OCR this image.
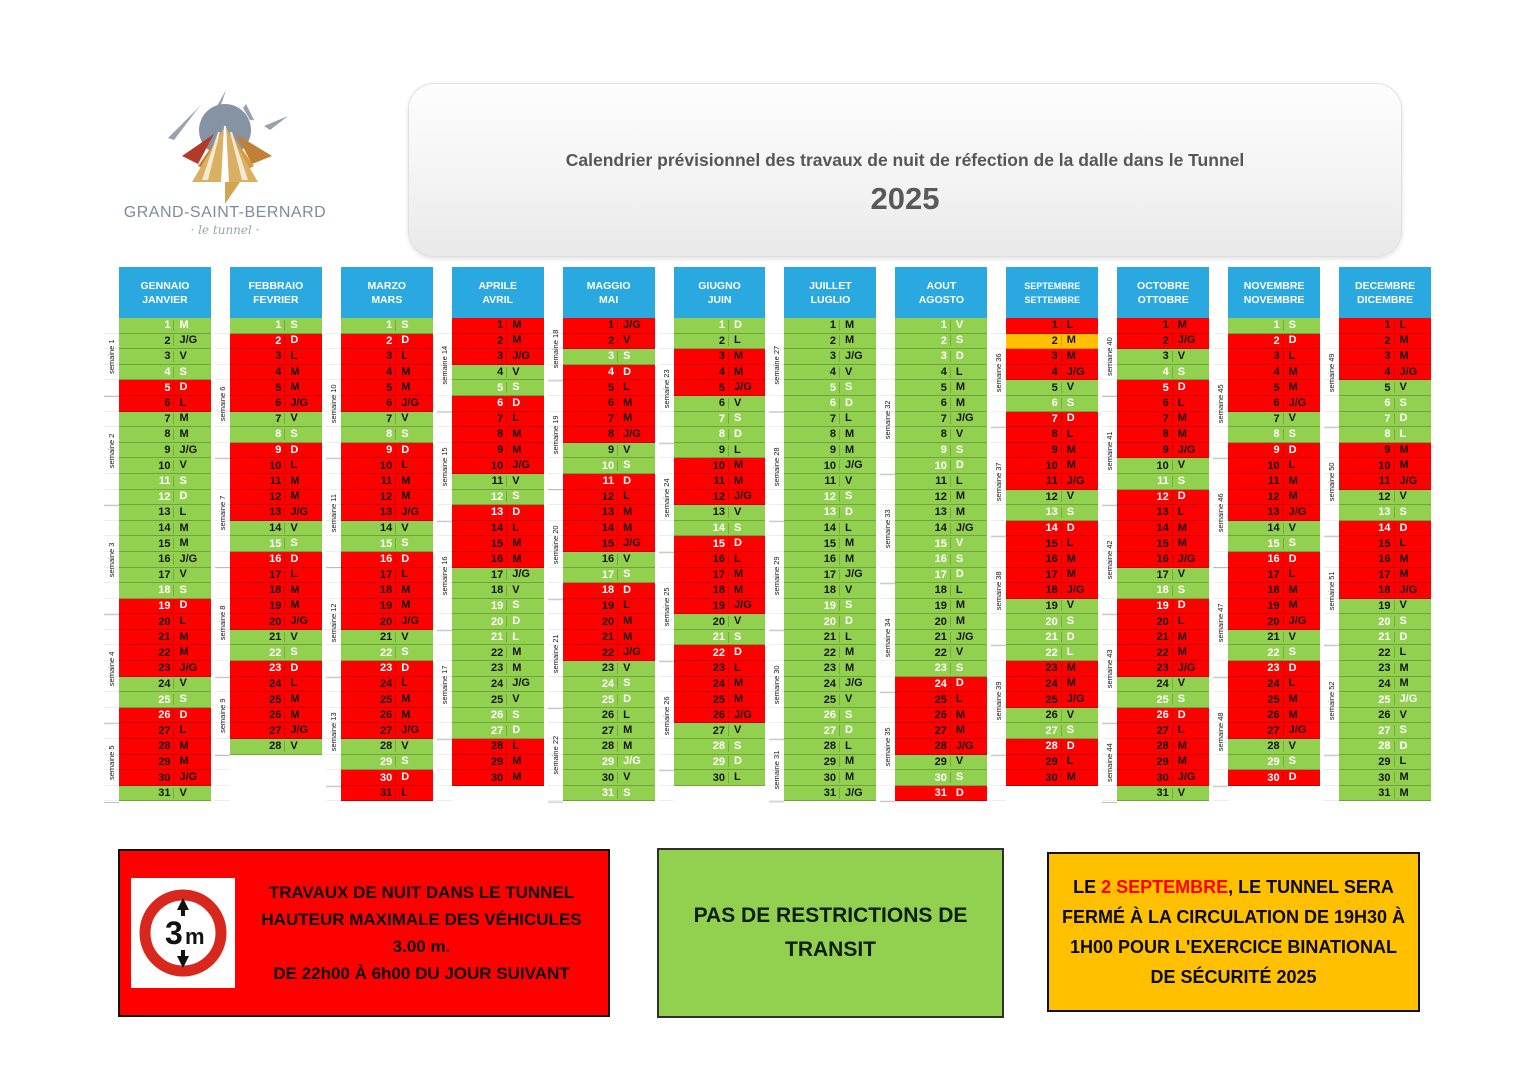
GRAND-SAINT-BERNARD
· le tunnel ·
Calendrier prévisionnel des travaux de nuit de réfection de la dalle dans le Tunnel
2025
GENNAIO
JANVIER
semaine 1
semaine 2
semaine 3
semaine 4
semaine 5
1 M
2 J/G
3 V
4 S
5 D
6 L
7 M
8 M
9 J/G
10 V
11 S
12 D
13 L
14 M
15 M
16 J/G
17 V
18 S
19 D
20 L
21 M
22 M
23 J/G
24 V
25 S
26 D
27 L
28 M
29 M
30 J/G
31 V
FEBBRAIO
FEVRIER
semaine 6
semaine 7
semaine 8
semaine 9
1 S
2 D
3 L
4 M
5 M
6 J/G
7 V
8 S
9 D
10 L
11 M
12 M
13 J/G
14 V
15 S
16 D
17 L
18 M
19 M
20 J/G
21 V
22 S
23 D
24 L
25 M
26 M
27 J/G
28 V
MARZO
MARS
semaine 10
semaine 11
semaine 12
semaine 13
1 S
2 D
3 L
4 M
5 M
6 J/G
7 V
8 S
9 D
10 L
11 M
12 M
13 J/G
14 V
15 S
16 D
17 L
18 M
19 M
20 J/G
21 V
22 S
23 D
24 L
25 M
26 M
27 J/G
28 V
29 S
30 D
31 L
APRILE
AVRIL
semaine 14
semaine 15
semaine 16
semaine 17
1 M
2 M
3 J/G
4 V
5 S
6 D
7 L
8 M
9 M
10 J/G
11 V
12 S
13 D
14 L
15 M
16 M
17 J/G
18 V
19 S
20 D
21 L
22 M
23 M
24 J/G
25 V
26 S
27 D
28 L
29 M
30 M
MAGGIO
MAI
semaine 18
semaine 19
semaine 20
semaine 21
semaine 22
1 J/G
2 V
3 S
4 D
5 L
6 M
7 M
8 J/G
9 V
10 S
11 D
12 L
13 M
14 M
15 J/G
16 V
17 S
18 D
19 L
20 M
21 M
22 J/G
23 V
24 S
25 D
26 L
27 M
28 M
29 J/G
30 V
31 S
GIUGNO
JUIN
semaine 23
semaine 24
semaine 25
semaine 26
1 D
2 L
3 M
4 M
5 J/G
6 V
7 S
8 D
9 L
10 M
11 M
12 J/G
13 V
14 S
15 D
16 L
17 M
18 M
19 J/G
20 V
21 S
22 D
23 L
24 M
25 M
26 J/G
27 V
28 S
29 D
30 L
JUILLET
LUGLIO
semaine 27
semaine 28
semaine 29
semaine 30
semaine 31
1 M
2 M
3 J/G
4 V
5 S
6 D
7 L
8 M
9 M
10 J/G
11 V
12 S
13 D
14 L
15 M
16 M
17 J/G
18 V
19 S
20 D
21 L
22 M
23 M
24 J/G
25 V
26 S
27 D
28 L
29 M
30 M
31 J/G
AOUT
AGOSTO
semaine 32
semaine 33
semaine 34
semaine 35
1 V
2 S
3 D
4 L
5 M
6 M
7 J/G
8 V
9 S
10 D
11 L
12 M
13 M
14 J/G
15 V
16 S
17 D
18 L
19 M
20 M
21 J/G
22 V
23 S
24 D
25 L
26 M
27 M
28 J/G
29 V
30 S
31 D
SEPTEMBRE
SETTEMBRE
semaine 36
semaine 37
semaine 38
semaine 39
1 L
2 M
3 M
4 J/G
5 V
6 S
7 D
8 L
9 M
10 M
11 J/G
12 V
13 S
14 D
15 L
16 M
17 M
18 J/G
19 V
20 S
21 D
22 L
23 M
24 M
25 J/G
26 V
27 S
28 D
29 L
30 M
OCTOBRE
OTTOBRE
semaine 40
semaine 41
semaine 42
semaine 43
semaine 44
1 M
2 J/G
3 V
4 S
5 D
6 L
7 M
8 M
9 J/G
10 V
11 S
12 D
13 L
14 M
15 M
16 J/G
17 V
18 S
19 D
20 L
21 M
22 M
23 J/G
24 V
25 S
26 D
27 L
28 M
29 M
30 J/G
31 V
NOVEMBRE
NOVEMBRE
semaine 45
semaine 46
semaine 47
semaine 48
1 S
2 D
3 L
4 M
5 M
6 J/G
7 V
8 S
9 D
10 L
11 M
12 M
13 J/G
14 V
15 S
16 D
17 L
18 M
19 M
20 J/G
21 V
22 S
23 D
24 L
25 M
26 M
27 J/G
28 V
29 S
30 D
DECEMBRE
DICEMBRE
semaine 49
semaine 50
semaine 51
semaine 52
1 L
2 M
3 M
4 J/G
5 V
6 S
7 D
8 L
9 M
10 M
11 J/G
12 V
13 S
14 D
15 L
16 M
17 M
18 J/G
19 V
20 S
21 D
22 L
23 M
24 M
25 J/G
26 V
27 S
28 D
29 L
30 M
31 M
3 m
TRAVAUX DE NUIT DANS LE TUNNEL
HAUTEUR MAXIMALE DES VÉHICULES
3.00 m.
DE 22h00 À 6h00 DU JOUR SUIVANT
PAS DE RESTRICTIONS DE TRANSIT
LE 2 SEPTEMBRE, LE TUNNEL SERA FERMÉ À LA CIRCULATION DE 19H30 À 1H00 POUR L'EXERCICE BINATIONAL DE SÉCURITÉ 2025
